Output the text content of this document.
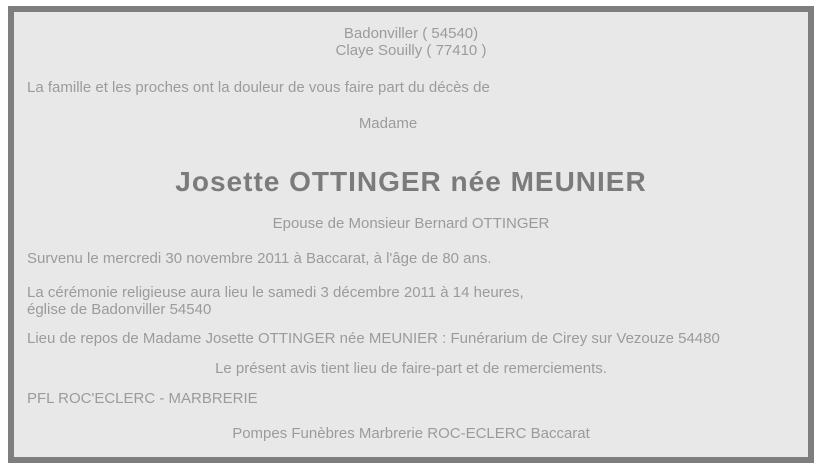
Badonviller ( 54540)
Claye Souilly ( 77410 )
La famille et les proches ont la douleur de vous faire part du décès de
Madame
Josette OTTINGER née MEUNIER
Epouse de Monsieur Bernard OTTINGER
Survenu le mercredi 30 novembre 2011 à Baccarat, à l'âge de 80 ans.
La cérémonie religieuse aura lieu le samedi 3 décembre 2011 à 14 heures,
église de Badonviller 54540
Lieu de repos de Madame Josette OTTINGER née MEUNIER : Funérarium de Cirey sur Vezouze 54480
Le présent avis tient lieu de faire-part et de remerciements.
PFL ROC'ECLERC - MARBRERIE
Pompes Funèbres Marbrerie ROC-ECLERC Baccarat
